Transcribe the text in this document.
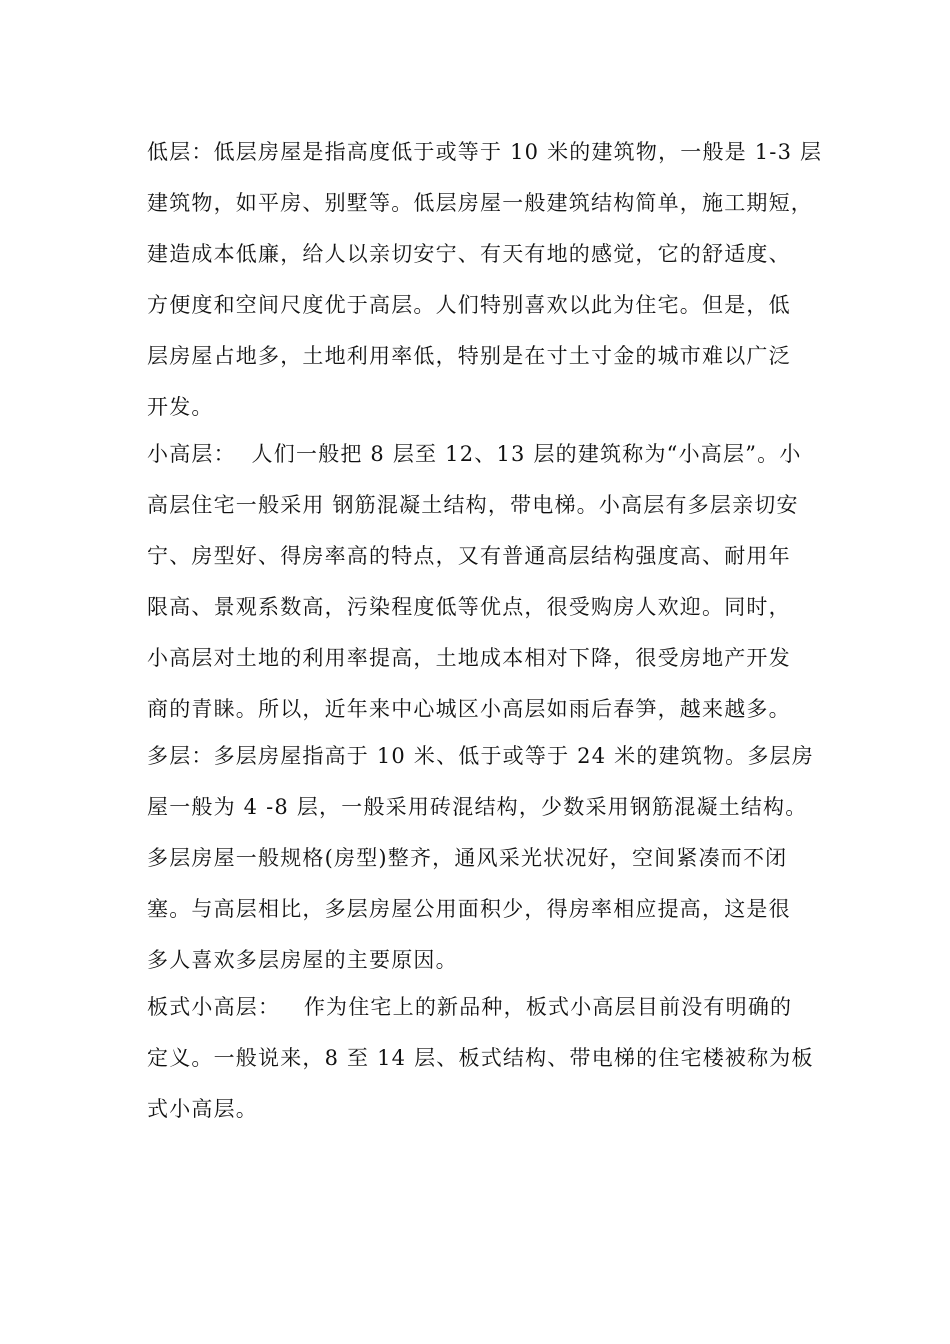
低层：低层房屋是指高度低于或等于 10 米的建筑物，一般是 1-3 层
建筑物，如平房、别墅等。低层房屋一般建筑结构简单，施工期短，
建造成本低廉，给人以亲切安宁、有天有地的感觉，它的舒适度、
方便度和空间尺度优于高层。人们特别喜欢以此为住宅。但是，低
层房屋占地多，土地利用率低，特别是在寸土寸金的城市难以广泛
开发。
小高层：  人们一般把 8 层至 12、13 层的建筑称为“小高层”。小
高层住宅一般采用 钢筋混凝土结构，带电梯。小高层有多层亲切安
宁、房型好、得房率高的特点，又有普通高层结构强度高、耐用年
限高、景观系数高，污染程度低等优点，很受购房人欢迎。同时，
小高层对土地的利用率提高，土地成本相对下降，很受房地产开发
商的青睐。所以，近年来中心城区小高层如雨后春笋，越来越多。
多层：多层房屋指高于 10 米、低于或等于 24 米的建筑物。多层房
屋一般为 4 -8 层，一般采用砖混结构，少数采用钢筋混凝土结构。
多层房屋一般规格(房型)整齐，通风采光状况好，空间紧凑而不闭
塞。与高层相比，多层房屋公用面积少，得房率相应提高，这是很
多人喜欢多层房屋的主要原因。
板式小高层：   作为住宅上的新品种，板式小高层目前没有明确的
定义。一般说来，8 至 14 层、板式结构、带电梯的住宅楼被称为板
式小高层。
